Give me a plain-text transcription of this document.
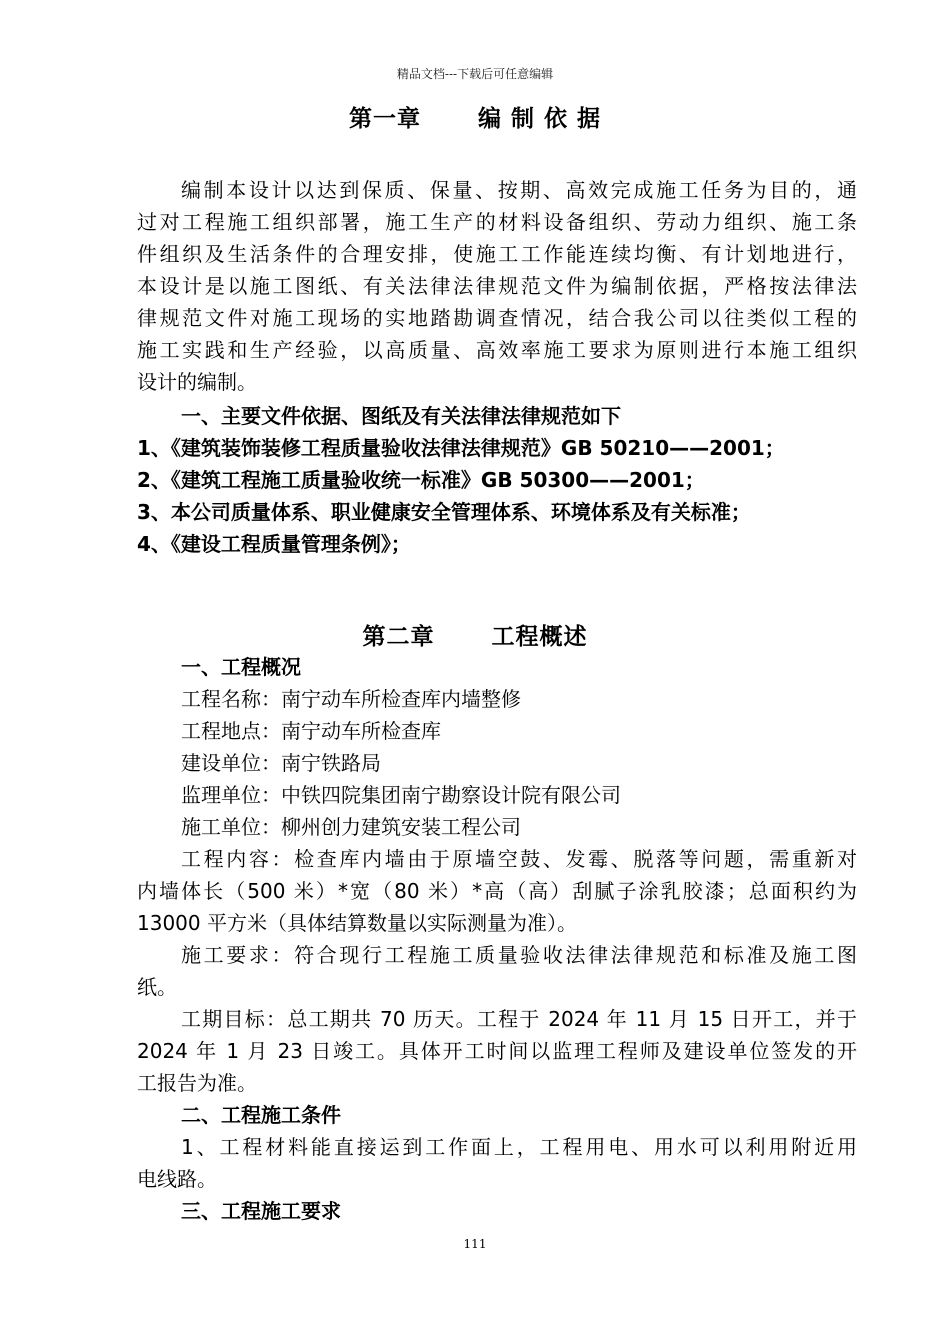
精品文档---下载后可任意编辑
第一章　　 编 制 依 据
编制本设计以达到保质、保量、按期、高效完成施工任务为目的，通
过对工程施工组织部署，施工生产的材料设备组织、劳动力组织、施工条
件组织及生活条件的合理安排，使施工工作能连续均衡、有计划地进行，
本设计是以施工图纸、有关法律法律规范文件为编制依据，严格按法律法
律规范文件对施工现场的实地踏勘调查情况，结合我公司以往类似工程的
施工实践和生产经验，以高质量、高效率施工要求为原则进行本施工组织
设计的编制。
一、主要文件依据、图纸及有关法律法律规范如下
1、《建筑装饰装修工程质量验收法律法律规范》GB 50210——2001；
2、《建筑工程施工质量验收统一标准》GB 50300——2001；
3、本公司质量体系、职业健康安全管理体系、环境体系及有关标准；
4、《建设工程质量管理条例》；
第二章　　 工程概述
一、工程概况
工程名称：南宁动车所检查库内墙整修
工程地点：南宁动车所检查库
建设单位：南宁铁路局
监理单位：中铁四院集团南宁勘察设计院有限公司
施工单位：柳州创力建筑安装工程公司
工程内容：检查库内墙由于原墙空鼓、发霉、脱落等问题，需重新对
内墙体长（500 米）*宽（80 米）*高（高）刮腻子涂乳胶漆；总面积约为
13000 平方米（具体结算数量以实际测量为准）。
施工要求：符合现行工程施工质量验收法律法律规范和标准及施工图
纸。
工期目标：总工期共 70 历天。工程于 2024 年 11 月 15 日开工，并于
2024 年 1 月 23 日竣工。具体开工时间以监理工程师及建设单位签发的开
工报告为准。
二、工程施工条件
1、工程材料能直接运到工作面上，工程用电、用水可以利用附近用
电线路。
三、工程施工要求
111
